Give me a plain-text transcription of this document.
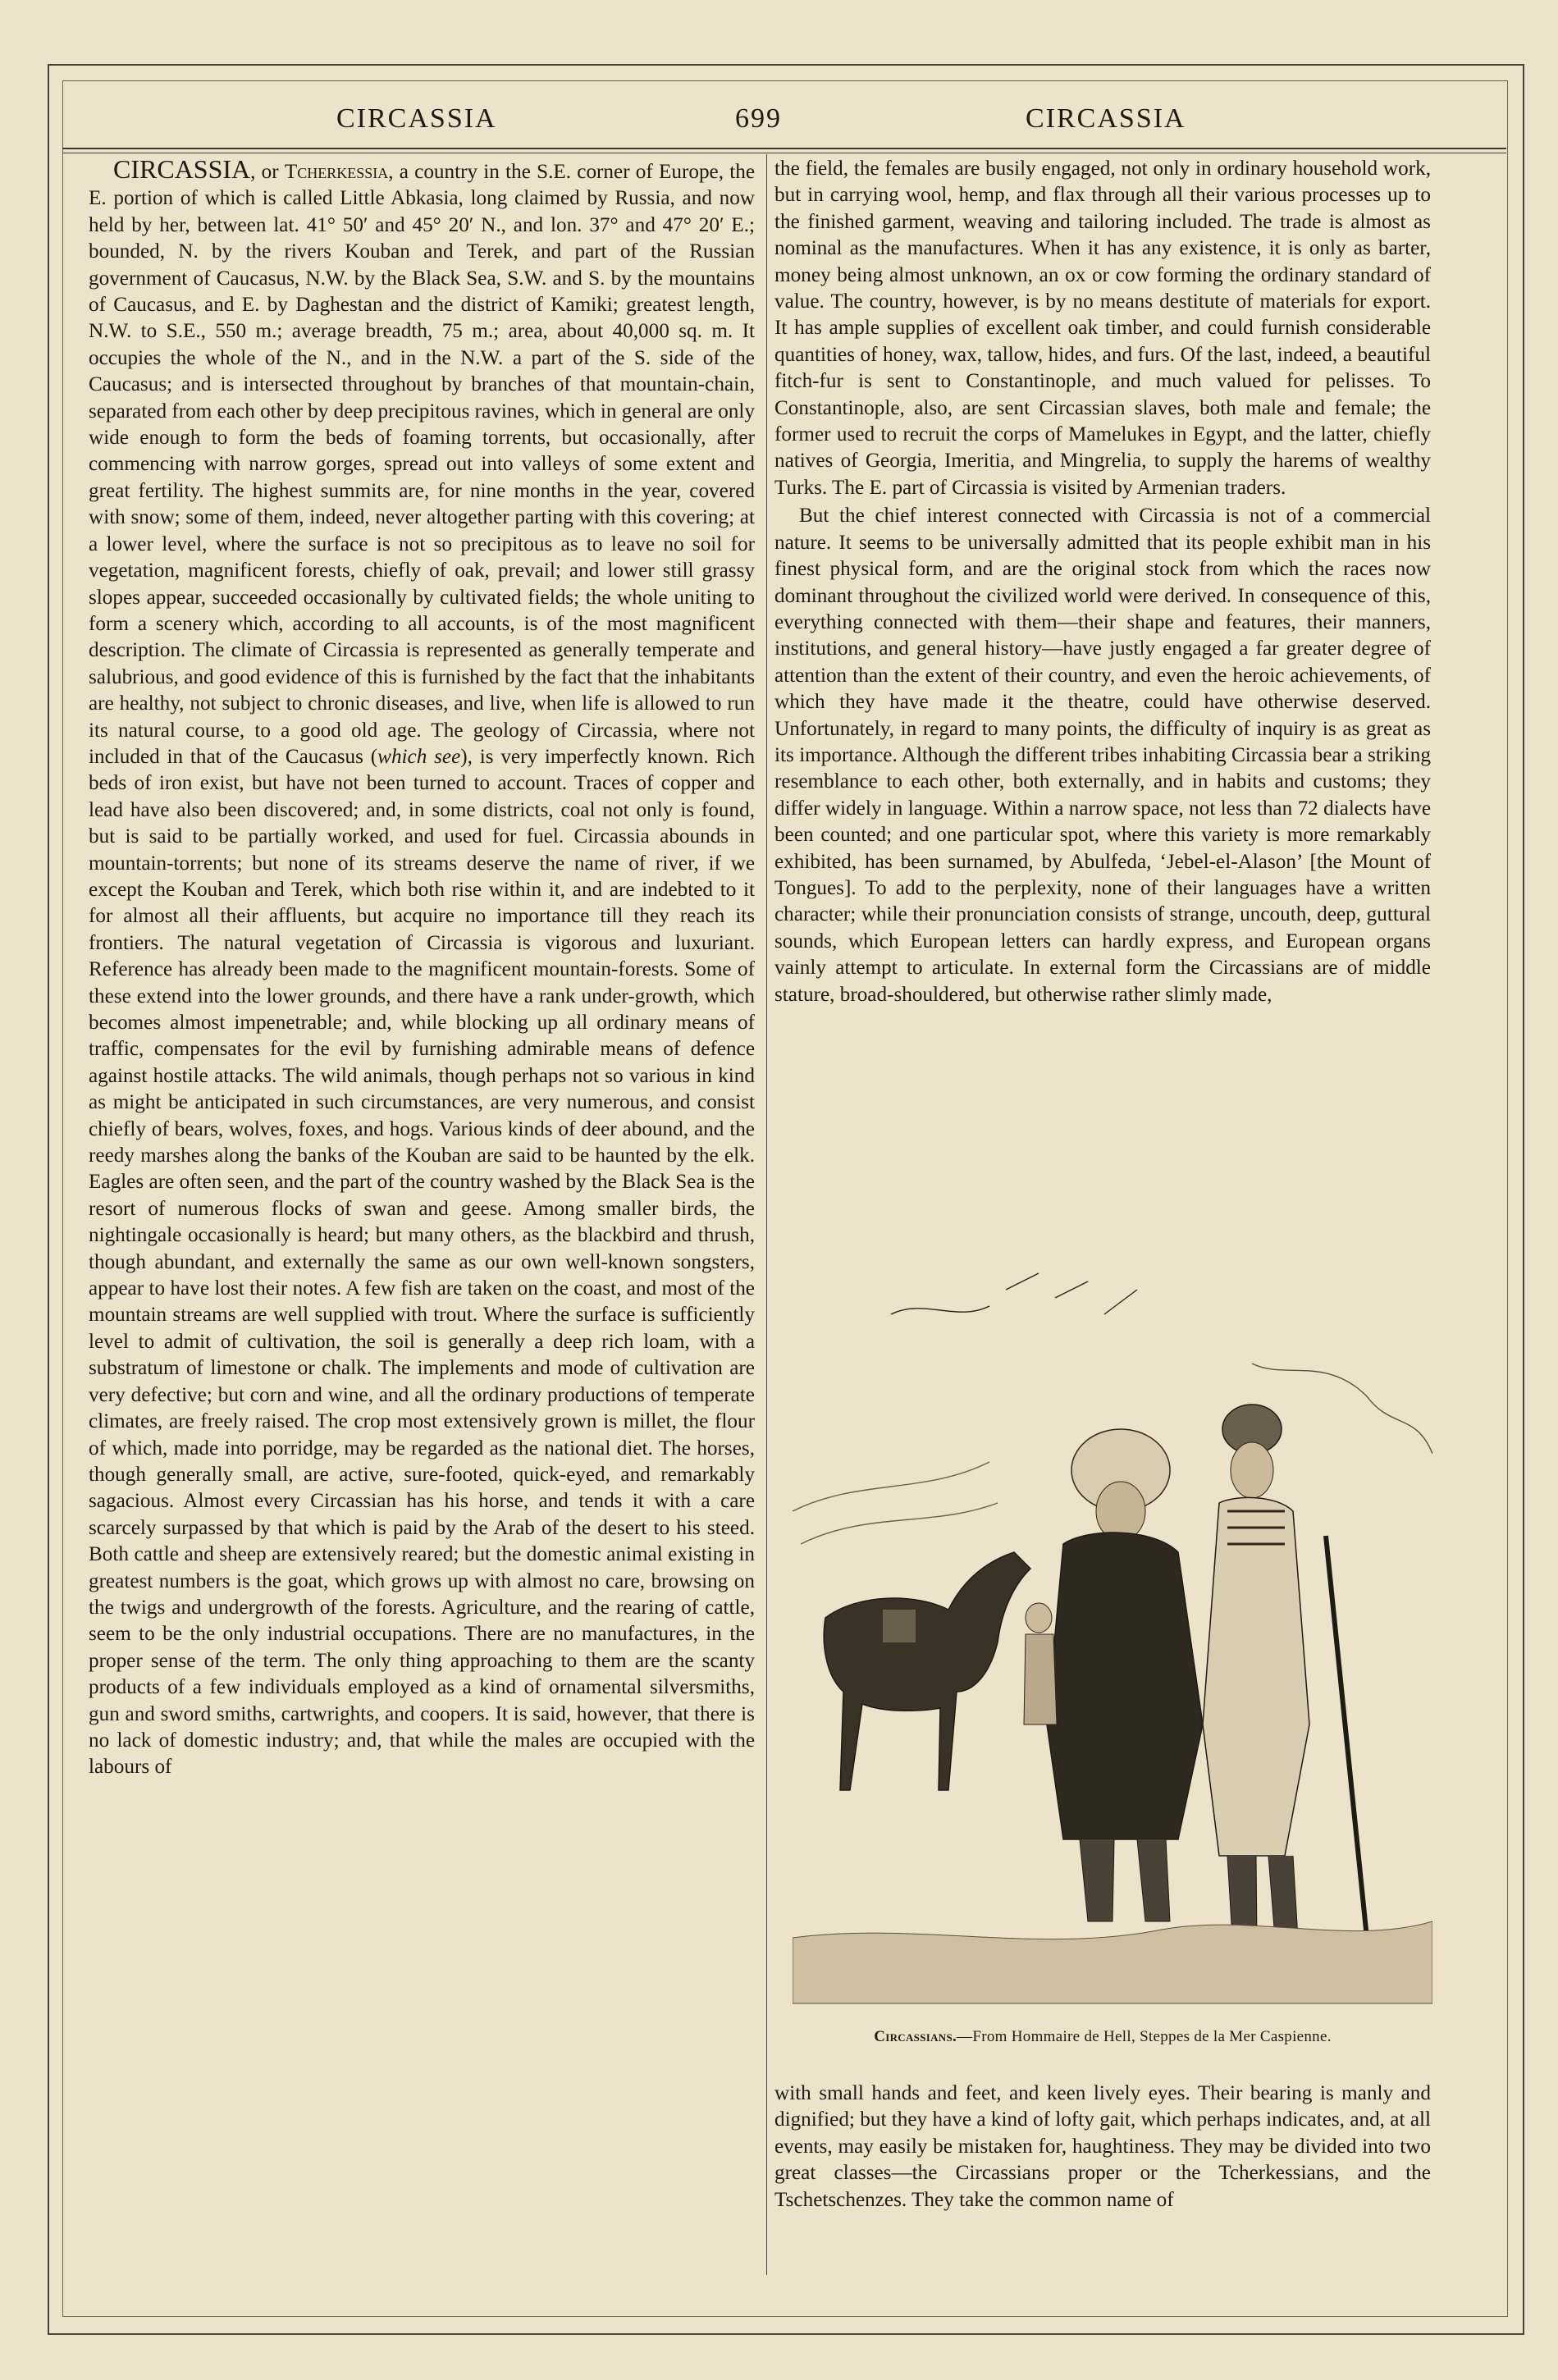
CIRCASSIA	699	CIRCASSIA

CIRCASSIA, or Tcherkessia, a country in the S.E. corner of Europe, the E. portion of which is called Little Abkasia, long claimed by Russia, and now held by her, between lat. 41° 50′ and 45° 20′ N., and lon. 37° and 47° 20′ E.; bounded, N. by the rivers Kouban and Terek, and part of the Russian government of Caucasus, N.W. by the Black Sea, S.W. and S. by the mountains of Caucasus, and E. by Daghestan and the district of Kamiki; greatest length, N.W. to S.E., 550 m.; average breadth, 75 m.; area, about 40,000 sq. m. It occupies the whole of the N., and in the N.W. a part of the S. side of the Caucasus; and is intersected throughout by branches of that mountain-chain, separated from each other by deep precipitous ravines, which in general are only wide enough to form the beds of foaming torrents, but occasionally, after commencing with narrow gorges, spread out into valleys of some extent and great fertility. The highest summits are, for nine months in the year, covered with snow; some of them, indeed, never altogether parting with this covering; at a lower level, where the surface is not so precipitous as to leave no soil for vegetation, magnificent forests, chiefly of oak, prevail; and lower still grassy slopes appear, succeeded occasionally by cultivated fields; the whole uniting to form a scenery which, according to all accounts, is of the most magnificent description. The climate of Circassia is represented as generally temperate and salubrious, and good evidence of this is furnished by the fact that the inhabitants are healthy, not subject to chronic diseases, and live, when life is allowed to run its natural course, to a good old age. The geology of Circassia, where not included in that of the Caucasus (which see), is very imperfectly known. Rich beds of iron exist, but have not been turned to account. Traces of copper and lead have also been discovered; and, in some districts, coal not only is found, but is said to be partially worked, and used for fuel. Circassia abounds in mountain-torrents; but none of its streams deserve the name of river, if we except the Kouban and Terek, which both rise within it, and are indebted to it for almost all their affluents, but acquire no importance till they reach its frontiers. The natural vegetation of Circassia is vigorous and luxuriant. Reference has already been made to the magnificent mountain-forests. Some of these extend into the lower grounds, and there have a rank under-growth, which becomes almost impenetrable; and, while blocking up all ordinary means of traffic, compensates for the evil by furnishing admirable means of defence against hostile attacks. The wild animals, though perhaps not so various in kind as might be anticipated in such circumstances, are very numerous, and consist chiefly of bears, wolves, foxes, and hogs. Various kinds of deer abound, and the reedy marshes along the banks of the Kouban are said to be haunted by the elk. Eagles are often seen, and the part of the country washed by the Black Sea is the resort of numerous flocks of swan and geese. Among smaller birds, the nightingale occasionally is heard; but many others, as the blackbird and thrush, though abundant, and externally the same as our own well-known songsters, appear to have lost their notes. A few fish are taken on the coast, and most of the mountain streams are well supplied with trout. Where the surface is sufficiently level to admit of cultivation, the soil is generally a deep rich loam, with a substratum of limestone or chalk. The implements and mode of cultivation are very defective; but corn and wine, and all the ordinary productions of temperate climates, are freely raised. The crop most extensively grown is millet, the flour of which, made into porridge, may be regarded as the national diet. The horses, though generally small, are active, sure-footed, quick-eyed, and remarkably sagacious. Almost every Circassian has his horse, and tends it with a care scarcely surpassed by that which is paid by the Arab of the desert to his steed. Both cattle and sheep are extensively reared; but the domestic animal existing in greatest numbers is the goat, which grows up with almost no care, browsing on the twigs and undergrowth of the forests. Agriculture, and the rearing of cattle, seem to be the only industrial occupations. There are no manufactures, in the proper sense of the term. The only thing approaching to them are the scanty products of a few individuals employed as a kind of ornamental silversmiths, gun and sword smiths, cartwrights, and coopers. It is said, however, that there is no lack of domestic industry; and, that while the males are occupied with the labours of

the field, the females are busily engaged, not only in ordinary household work, but in carrying wool, hemp, and flax through all their various processes up to the finished garment, weaving and tailoring included. The trade is almost as nominal as the manufactures. When it has any existence, it is only as barter, money being almost unknown, an ox or cow forming the ordinary standard of value. The country, however, is by no means destitute of materials for export. It has ample supplies of excellent oak timber, and could furnish considerable quantities of honey, wax, tallow, hides, and furs. Of the last, indeed, a beautiful fitch-fur is sent to Constantinople, and much valued for pelisses. To Constantinople, also, are sent Circassian slaves, both male and female; the former used to recruit the corps of Mamelukes in Egypt, and the latter, chiefly natives of Georgia, Imeritia, and Mingrelia, to supply the harems of wealthy Turks. The E. part of Circassia is visited by Armenian traders.

But the chief interest connected with Circassia is not of a commercial nature. It seems to be universally admitted that its people exhibit man in his finest physical form, and are the original stock from which the races now dominant throughout the civilized world were derived. In consequence of this, everything connected with them—their shape and features, their manners, institutions, and general history—have justly engaged a far greater degree of attention than the extent of their country, and even the heroic achievements, of which they have made it the theatre, could have otherwise deserved. Unfortunately, in regard to many points, the difficulty of inquiry is as great as its importance. Although the different tribes inhabiting Circassia bear a striking resemblance to each other, both externally, and in habits and customs; they differ widely in language. Within a narrow space, not less than 72 dialects have been counted; and one particular spot, where this variety is more remarkably exhibited, has been surnamed, by Abulfeda, ‘Jebel-el-Alason’ [the Mount of Tongues]. To add to the perplexity, none of their languages have a written character; while their pronunciation consists of strange, uncouth, deep, guttural sounds, which European letters can hardly express, and European organs vainly attempt to articulate. In external form the Circassians are of middle stature, broad-shouldered, but otherwise rather slimly made,

Circassians.—From Hommaire de Hell, Steppes de la Mer Caspienne.

with small hands and feet, and keen lively eyes. Their bearing is manly and dignified; but they have a kind of lofty gait, which perhaps indicates, and, at all events, may easily be mistaken for, haughtiness. They may be divided into two great classes—the Circassians proper or the Tcherkessians, and the Tschetschenzes. They take the common name of
